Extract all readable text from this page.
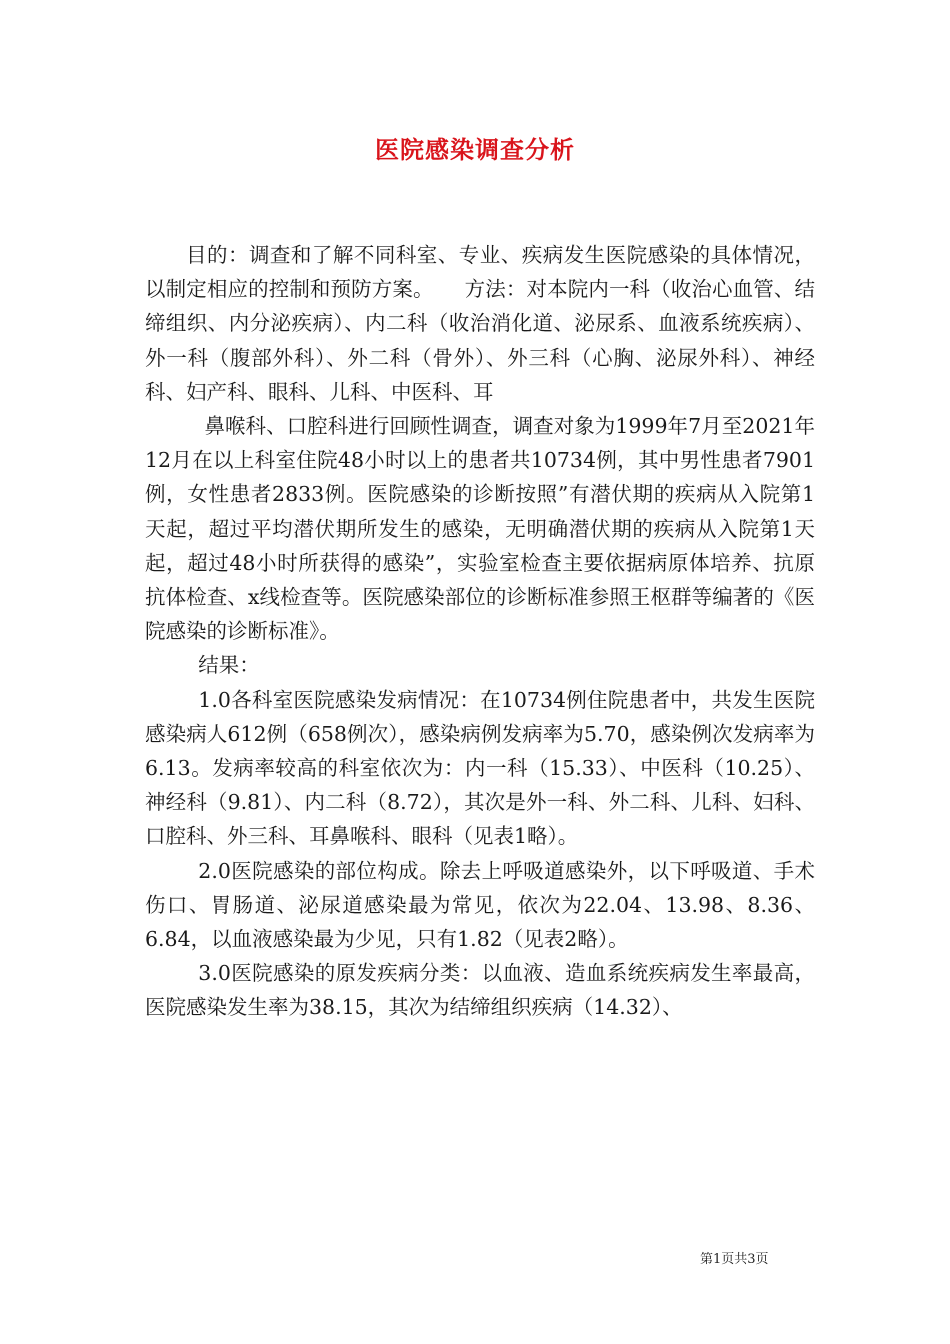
医院感染调查分析

目的：调查和了解不同科室、专业、疾病发生医院感染的具体情况，以制定相应的控制和预防方案。　　方法：对本院内一科（收治心血管、结缔组织、内分泌疾病）、内二科（收治消化道、泌尿系、血液系统疾病）、外一科（腹部外科）、外二科（骨外）、外三科（心胸、泌尿外科）、神经科、妇产科、眼科、儿科、中医科、耳

鼻喉科、口腔科进行回顾性调查，调查对象为1999年7月至2021年12月在以上科室住院48小时以上的患者共10734例，其中男性患者7901例，女性患者2833例。医院感染的诊断按照”有潜伏期的疾病从入院第1天起，超过平均潜伏期所发生的感染，无明确潜伏期的疾病从入院第1天起，超过48小时所获得的感染”，实验室检查主要依据病原体培养、抗原抗体检查、x线检查等。医院感染部位的诊断标准参照王枢群等编著的《医院感染的诊断标准》。

结果：

1.0各科室医院感染发病情况：在10734例住院患者中，共发生医院感染病人612例（658例次），感染病例发病率为5.70，感染例次发病率为6.13。发病率较高的科室依次为：内一科（15.33）、中医科（10.25）、神经科（9.81）、内二科（8.72），其次是外一科、外二科、儿科、妇科、口腔科、外三科、耳鼻喉科、眼科（见表1略）。

2.0医院感染的部位构成。除去上呼吸道感染外，以下呼吸道、手术伤口、胃肠道、泌尿道感染最为常见，依次为22.04、13.98、8.36、6.84，以血液感染最为少见，只有1.82（见表2略）。

3.0医院感染的原发疾病分类：以血液、造血系统疾病发生率最高，医院感染发生率为38.15，其次为结缔组织疾病（14.32）、

第1页共3页
